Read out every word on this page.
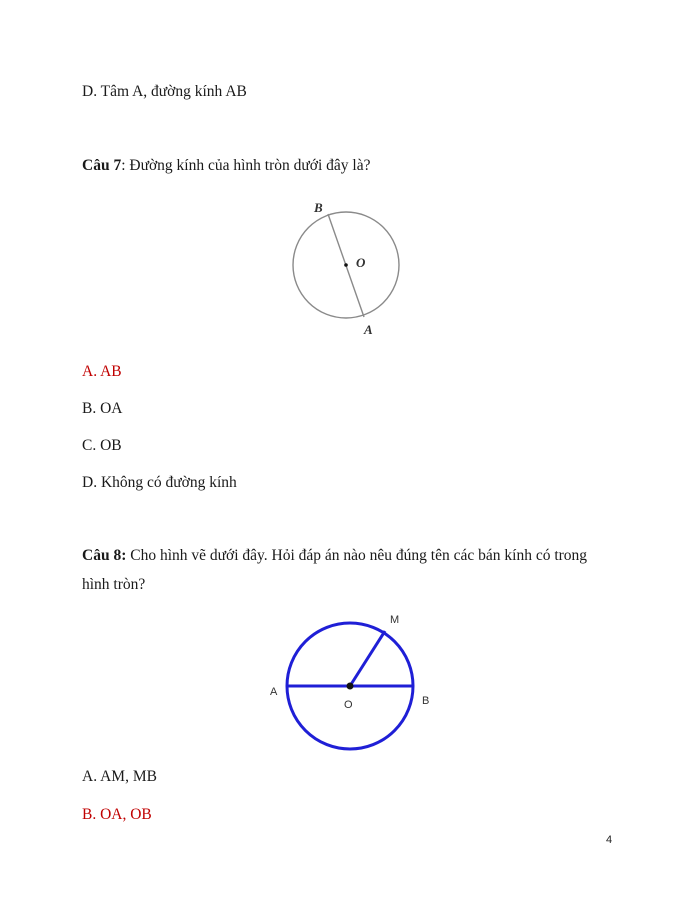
D. Tâm A, đường kính AB
Câu 7: Đường kính của hình tròn dưới đây là?
B
O
A
A. AB
B. OA
C. OB
D. Không có đường kính
Câu 8: Cho hình vẽ dưới đây. Hỏi đáp án nào nêu đúng tên các bán kính có trong
hình tròn?
M
A
O	B
A. AM, MB
B. OA, OB
4
